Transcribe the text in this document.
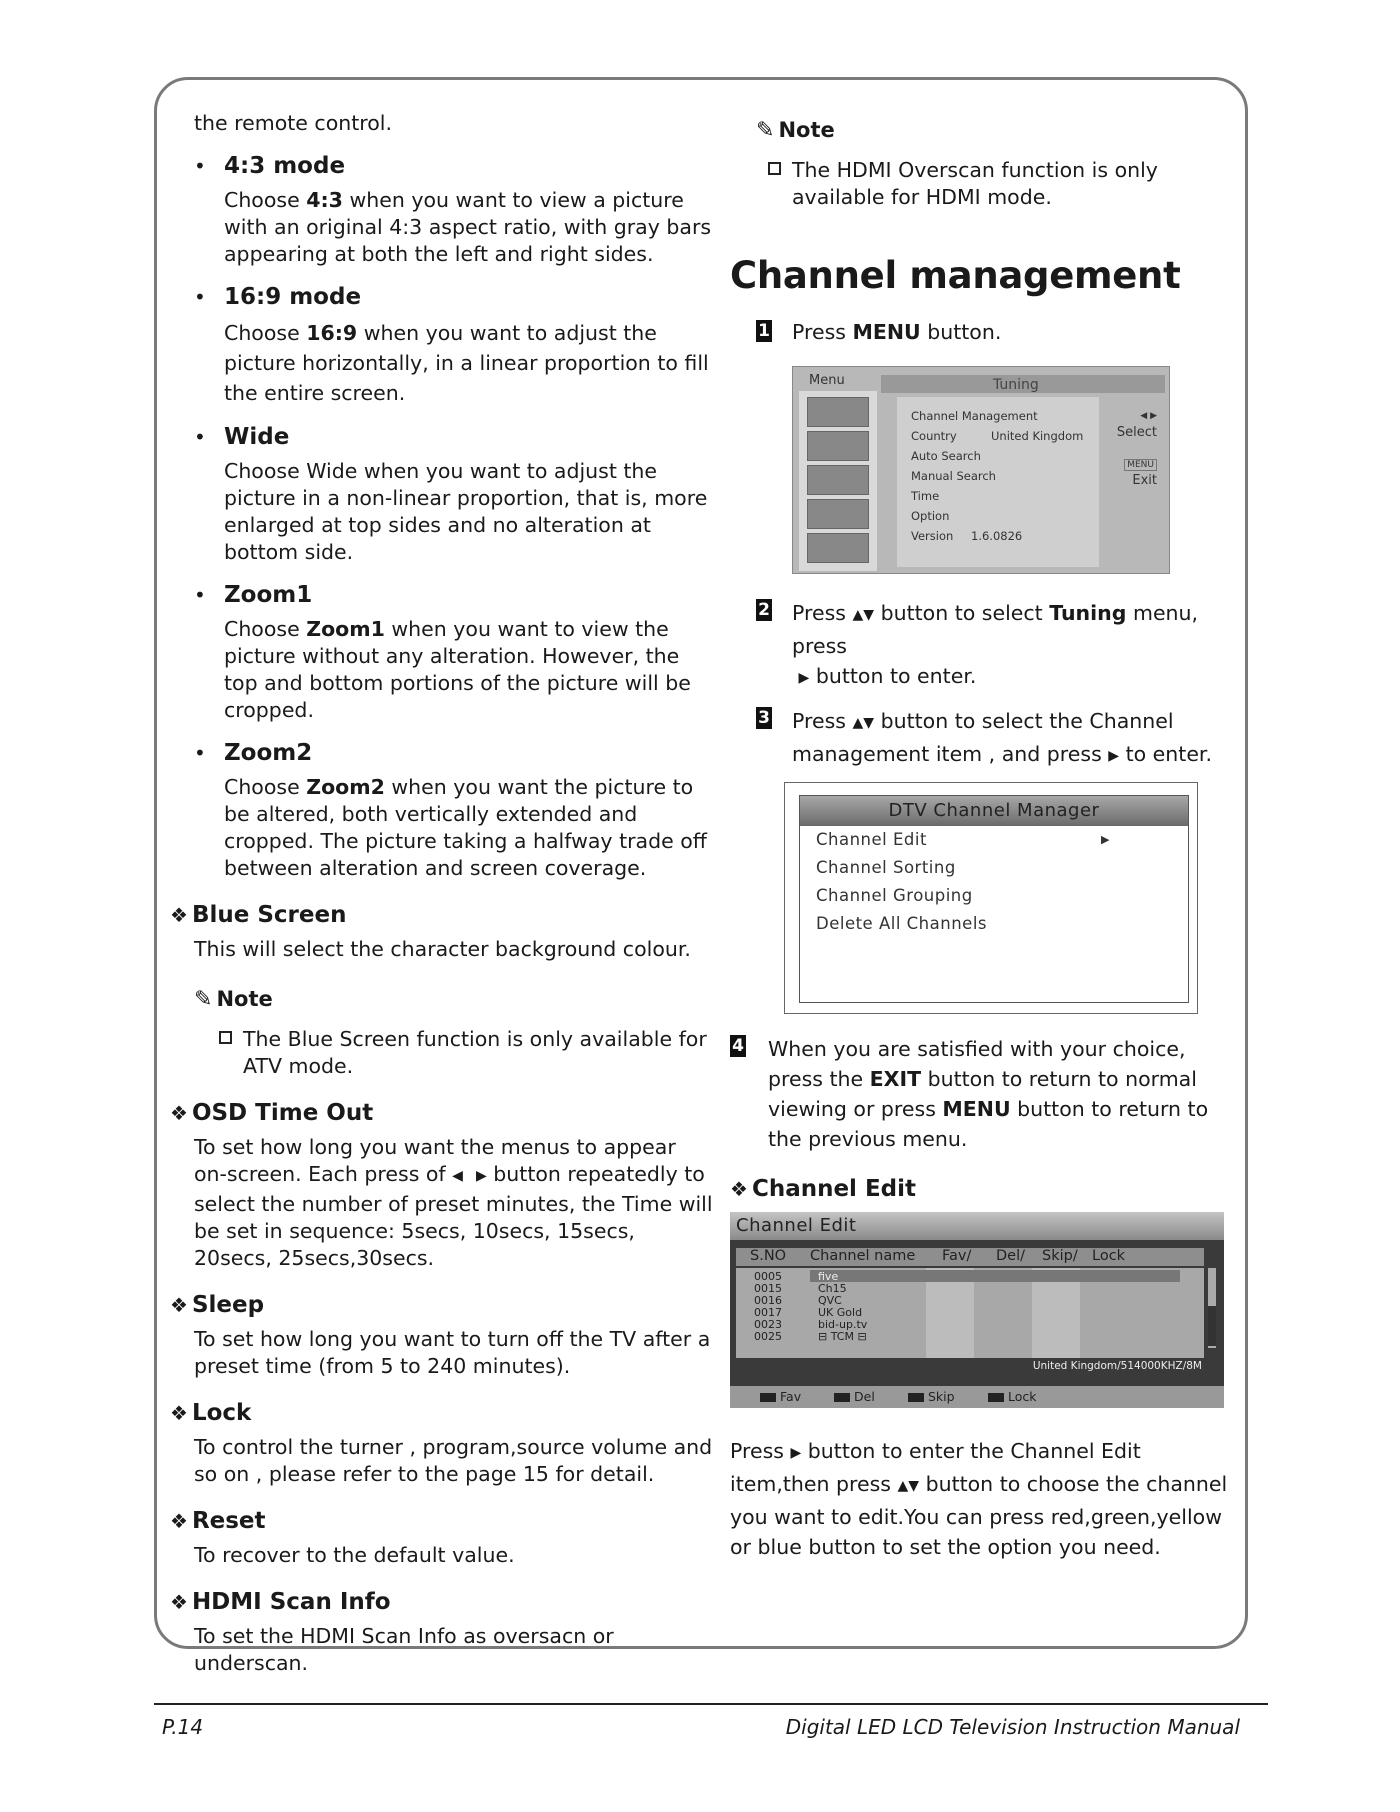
the remote control.

• 4:3 mode

Choose 4:3 when you want to view a picture with an original 4:3 aspect ratio, with gray bars appearing at both the left and right sides.

• 16:9 mode

Choose 16:9 when you want to adjust the picture horizontally, in a linear proportion to fill the entire screen.

• Wide

Choose Wide when you want to adjust the picture in a non-linear proportion, that is, more enlarged at top sides and no alteration at bottom side.

• Zoom1

Choose Zoom1 when you want to view the picture without any alteration. However, the top and bottom portions of the picture will be cropped.

• Zoom2

Choose Zoom2 when you want the picture to be altered, both vertically extended and cropped. The picture taking a halfway trade off between alteration and screen coverage.

❖ Blue Screen

This will select the character background colour.

✎ Note

The Blue Screen function is only available for ATV mode.

❖ OSD Time Out

To set how long you want the menus to appear on-screen. Each press of ◀ ▶ button repeatedly to select the number of preset minutes, the Time will be set in sequence: 5secs, 10secs, 15secs, 20secs, 25secs,30secs.

❖ Sleep

To set how long you want to turn off the TV after a preset time (from 5 to 240 minutes).

❖ Lock

To control the turner , program,source volume and so on , please refer to the page 15 for detail.

❖ Reset

To recover to the default value.

❖ HDMI Scan Info

To set the HDMI Scan Info as oversacn or underscan.

✎ Note

The HDMI Overscan function is only available for HDMI mode.

Channel management
1 Press MENU button.

Menu	Tuning
Channel Management
Country	United Kingdom
Auto Search
Manual Search
Time
Option
Version 1.6.0826
◀ ▶
Select
MENU
Exit
2 Press ▲▼ button to select Tuning menu, press
▶ button to enter.

3 Press ▲▼ button to select the Channel management item , and press ▶ to enter.

DTV Channel Manager
Channel Edit	▶
Channel Sorting
Channel Grouping
Delete All Channels
4 When you are satisfied with your choice, press the EXIT button to return to normal viewing or press MENU button to return to the previous menu.

❖ Channel Edit
Channel Edit
S.NO Channel name Fav/ Del/ Skip/ Lock
0005	five
0015	Ch15
0016	QVC
0017	UK Gold
0023	bid-up.tv
0025	⊟ TCM ⊟
United Kingdom/514000KHZ/8M
Fav	Del	Skip	Lock

Press ▶ button to enter the Channel Edit item,then press ▲▼ button to choose the channel you want to edit.You can press red,green,yellow or blue button to set the option you need.

P.14	Digital LED LCD Television Instruction Manual
